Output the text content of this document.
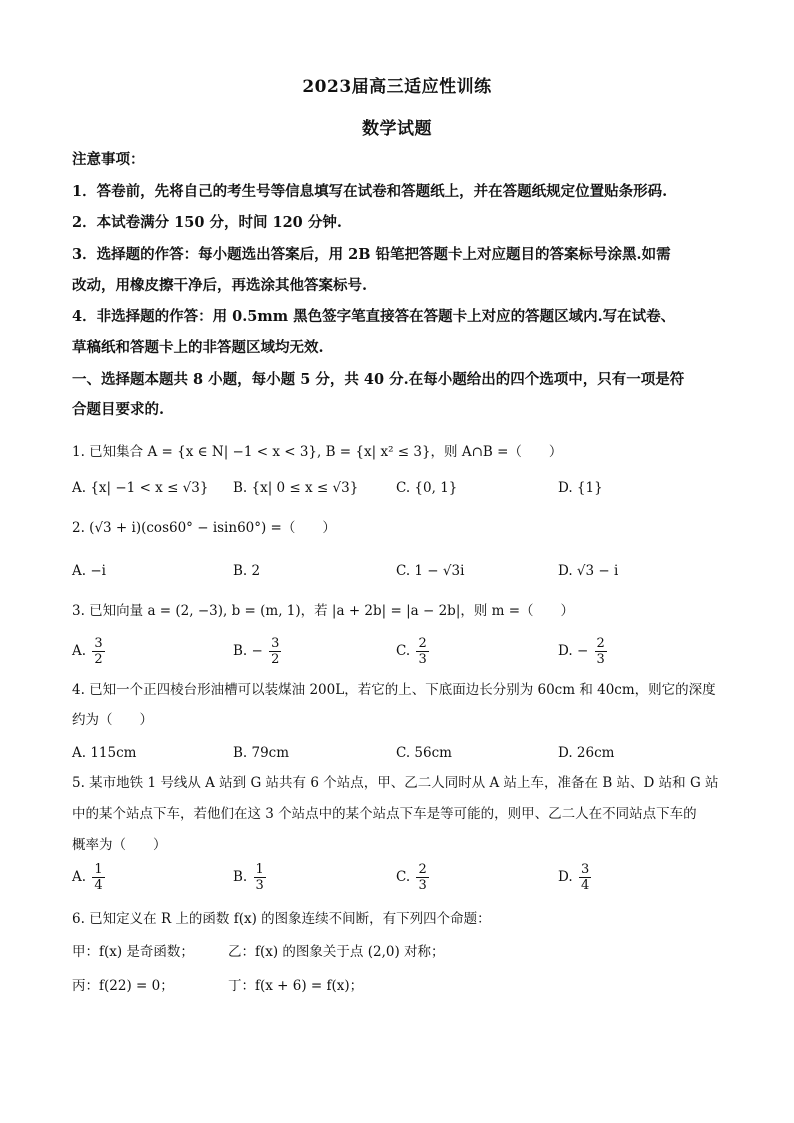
2023届高三适应性训练
数学试题
注意事项：
1．答卷前，先将自己的考生号等信息填写在试卷和答题纸上，并在答题纸规定位置贴条形码.
2．本试卷满分 150 分，时间 120 分钟.
3．选择题的作答：每小题选出答案后，用 2B 铅笔把答题卡上对应题目的答案标号涂黑.如需
改动，用橡皮擦干净后，再选涂其他答案标号.
4．非选择题的作答：用 0.5mm 黑色签字笔直接答在答题卡上对应的答题区域内.写在试卷、
草稿纸和答题卡上的非答题区域均无效.
一、选择题本题共 8 小题，每小题 5 分，共 40 分.在每小题给出的四个选项中，只有一项是符
合题目要求的.
1. 已知集合 A = {x ∈ N| −1 < x < 3}, B = {x| x² ≤ 3}，则 A∩B =（　　）
A. {x| −1 < x ≤ √3} B. {x| 0 ≤ x ≤ √3}	C. {0, 1}	D. {1}
2. (√3 + i)(cos60° − isin60°) =（　　）
A. −i	B. 2	C. 1 − √3i	D. √3 − i
3. 已知向量 a = (2, −3), b = (m, 1)，若 |a + 2b| = |a − 2b|，则 m =（　　）
A. $\frac{3}{2}$	B. − $\frac{3}{2}$	C. $\frac{2}{3}$	D. − $\frac{2}{3}$
4. 已知一个正四棱台形油槽可以装煤油 200L，若它的上、下底面边长分别为 60cm 和 40cm，则它的深度
约为（　　）
A. 115cm	B. 79cm	C. 56cm	D. 26cm
5. 某市地铁 1 号线从 A 站到 G 站共有 6 个站点，甲、乙二人同时从 A 站上车，准备在 B 站、D 站和 G 站
中的某个站点下车，若他们在这 3 个站点中的某个站点下车是等可能的，则甲、乙二人在不同站点下车的
概率为（　　）
A. $\frac{1}{4}$	B. $\frac{1}{3}$	C. $\frac{2}{3}$	D. $\frac{3}{4}$
6. 已知定义在 R 上的函数 f(x) 的图象连续不间断，有下列四个命题：
甲：f(x) 是奇函数；	乙：f(x) 的图象关于点 (2,0) 对称；
丙：f(22) = 0；	丁：f(x + 6) = f(x)；
